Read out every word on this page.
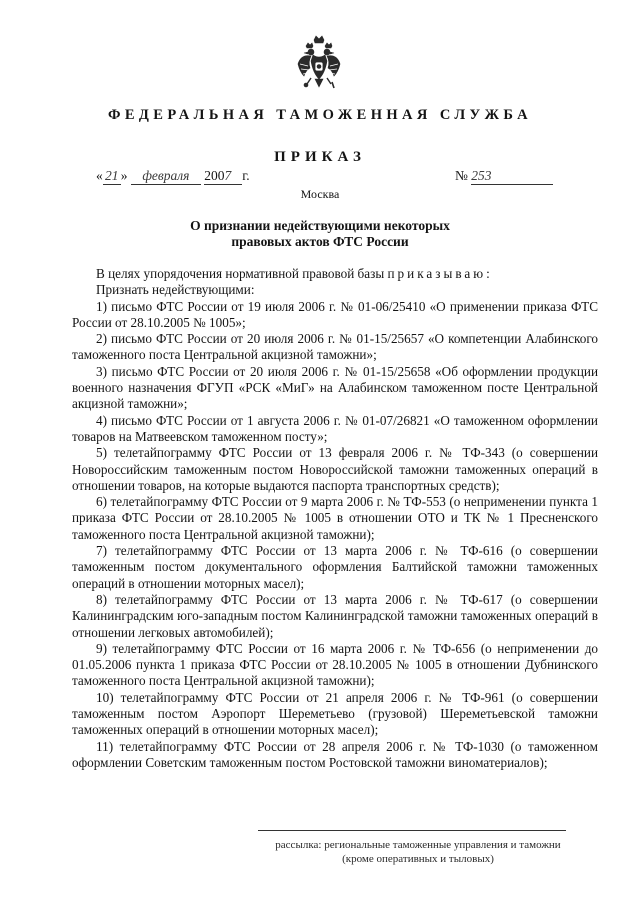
ФЕДЕРАЛЬНАЯ ТАМОЖЕННАЯ СЛУЖБА
ПРИКАЗ
« 21 » февраля 2007 г.	№ 253
Москва
О признании недействующими некоторых
правовых актов ФТС России

В целях упорядочения нормативной правовой базы приказываю:

Признать недействующими:

1) письмо ФТС России от 19 июля 2006 г. № 01-06/25410 «О применении приказа ФТС России от 28.10.2005 № 1005»;

2) письмо ФТС России от 20 июля 2006 г. № 01-15/25657 «О компетенции Алабинского таможенного поста Центральной акцизной таможни»;

3) письмо ФТС России от 20 июля 2006 г. № 01-15/25658 «Об оформлении продукции военного назначения ФГУП «РСК «МиГ» на Алабинском таможенном посте Центральной акцизной таможни»;

4) письмо ФТС России от 1 августа 2006 г. № 01-07/26821 «О таможенном оформлении товаров на Матвеевском таможенном посту»;

5) телетайпограмму ФТС России от 13 февраля 2006 г. № ТФ-343 (о совершении Новороссийским таможенным постом Новороссийской таможни таможенных операций в отношении товаров, на которые выдаются паспорта транспортных средств);

6) телетайпограмму ФТС России от 9 марта 2006 г. № ТФ-553 (о неприменении пункта 1 приказа ФТС России от 28.10.2005 № 1005 в отношении ОТО и ТК № 1 Пресненского таможенного поста Центральной акцизной таможни);

7) телетайпограмму ФТС России от 13 марта 2006 г. № ТФ-616 (о совершении таможенным постом документального оформления Балтийской таможни таможенных операций в отношении моторных масел);

8) телетайпограмму ФТС России от 13 марта 2006 г. № ТФ-617 (о совершении Калининградским юго-западным постом Калининградской таможни таможенных операций в отношении легковых автомобилей);

9) телетайпограмму ФТС России от 16 марта 2006 г. № ТФ-656 (о неприменении до 01.05.2006 пункта 1 приказа ФТС России от 28.10.2005 № 1005 в отношении Дубнинского таможенного поста Центральной акцизной таможни);

10) телетайпограмму ФТС России от 21 апреля 2006 г. № ТФ-961 (о совершении таможенным постом Аэропорт Шереметьево (грузовой) Шереметьевской таможни таможенных операций в отношении моторных масел);

11) телетайпограмму ФТС России от 28 апреля 2006 г. № ТФ-1030 (о таможенном оформлении Советским таможенным постом Ростовской таможни виноматериалов);

рассылка: региональные таможенные управления и таможни
(кроме оперативных и тыловых)
